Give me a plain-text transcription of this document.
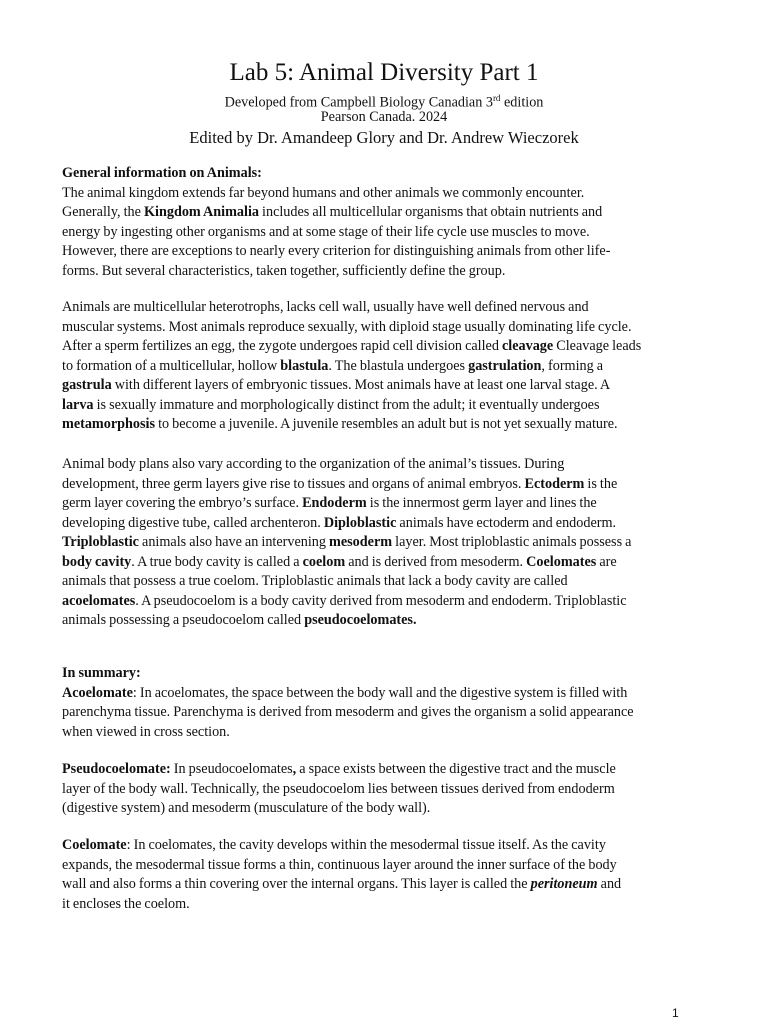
Lab 5: Animal Diversity Part 1
Developed from Campbell Biology Canadian 3rd edition
Pearson Canada. 2024
Edited by Dr. Amandeep Glory and Dr. Andrew Wieczorek
General information on Animals:
The animal kingdom extends far beyond humans and other animals we commonly encounter.
Generally, the Kingdom Animalia includes all multicellular organisms that obtain nutrients and
energy by ingesting other organisms and at some stage of their life cycle use muscles to move.
However, there are exceptions to nearly every criterion for distinguishing animals from other life-
forms. But several characteristics, taken together, sufficiently define the group.
Animals are multicellular heterotrophs, lacks cell wall, usually have well defined nervous and
muscular systems. Most animals reproduce sexually, with diploid stage usually dominating life cycle.
After a sperm fertilizes an egg, the zygote undergoes rapid cell division called cleavage Cleavage leads
to formation of a multicellular, hollow blastula. The blastula undergoes gastrulation, forming a
gastrula with different layers of embryonic tissues. Most animals have at least one larval stage. A
larva is sexually immature and morphologically distinct from the adult; it eventually undergoes
metamorphosis to become a juvenile. A juvenile resembles an adult but is not yet sexually mature.
Animal body plans also vary according to the organization of the animal’s tissues. During
development, three germ layers give rise to tissues and organs of animal embryos. Ectoderm is the
germ layer covering the embryo’s surface. Endoderm is the innermost germ layer and lines the
developing digestive tube, called archenteron. Diploblastic animals have ectoderm and endoderm.
Triploblastic animals also have an intervening mesoderm layer. Most triploblastic animals possess a
body cavity. A true body cavity is called a coelom and is derived from mesoderm. Coelomates are
animals that possess a true coelom. Triploblastic animals that lack a body cavity are called
acoelomates. A pseudocoelom is a body cavity derived from mesoderm and endoderm. Triploblastic
animals possessing a pseudocoelom called pseudocoelomates.
In summary:
Acoelomate: In acoelomates, the space between the body wall and the digestive system is filled with
parenchyma tissue. Parenchyma is derived from mesoderm and gives the organism a solid appearance
when viewed in cross section.
Pseudocoelomate: In pseudocoelomates, a space exists between the digestive tract and the muscle
layer of the body wall. Technically, the pseudocoelom lies between tissues derived from endoderm
(digestive system) and mesoderm (musculature of the body wall).
Coelomate: In coelomates, the cavity develops within the mesodermal tissue itself. As the cavity
expands, the mesodermal tissue forms a thin, continuous layer around the inner surface of the body
wall and also forms a thin covering over the internal organs. This layer is called the peritoneum and
it encloses the coelom.
1
